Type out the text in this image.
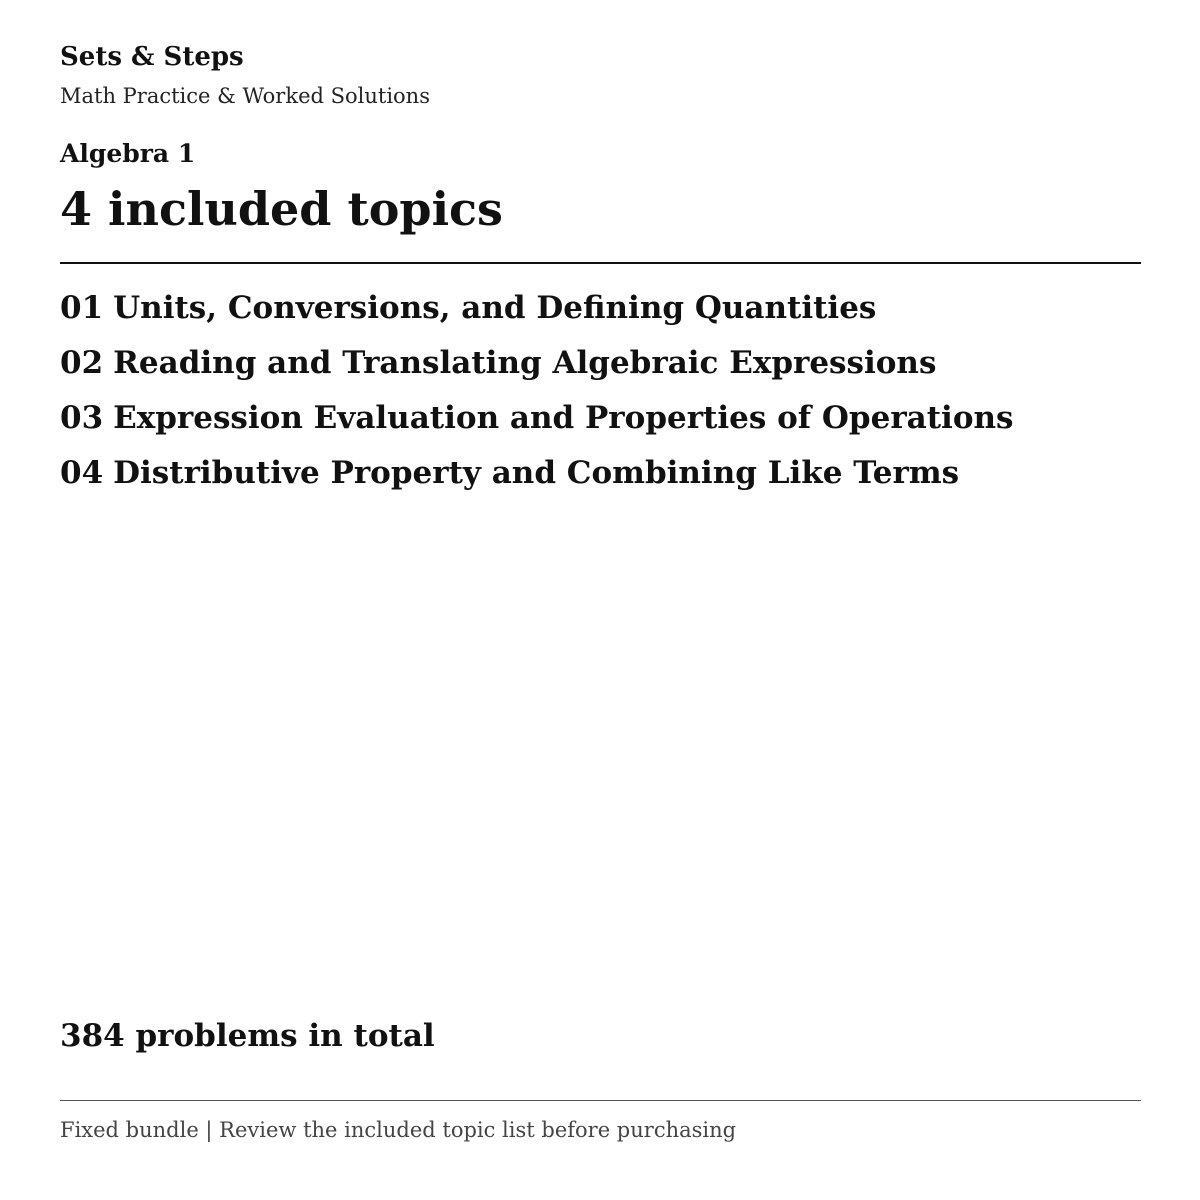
Sets & Steps
Math Practice & Worked Solutions
Algebra 1
4 included topics
01 Units, Conversions, and Defining Quantities
02 Reading and Translating Algebraic Expressions
03 Expression Evaluation and Properties of Operations
04 Distributive Property and Combining Like Terms
384 problems in total
Fixed bundle | Review the included topic list before purchasing
